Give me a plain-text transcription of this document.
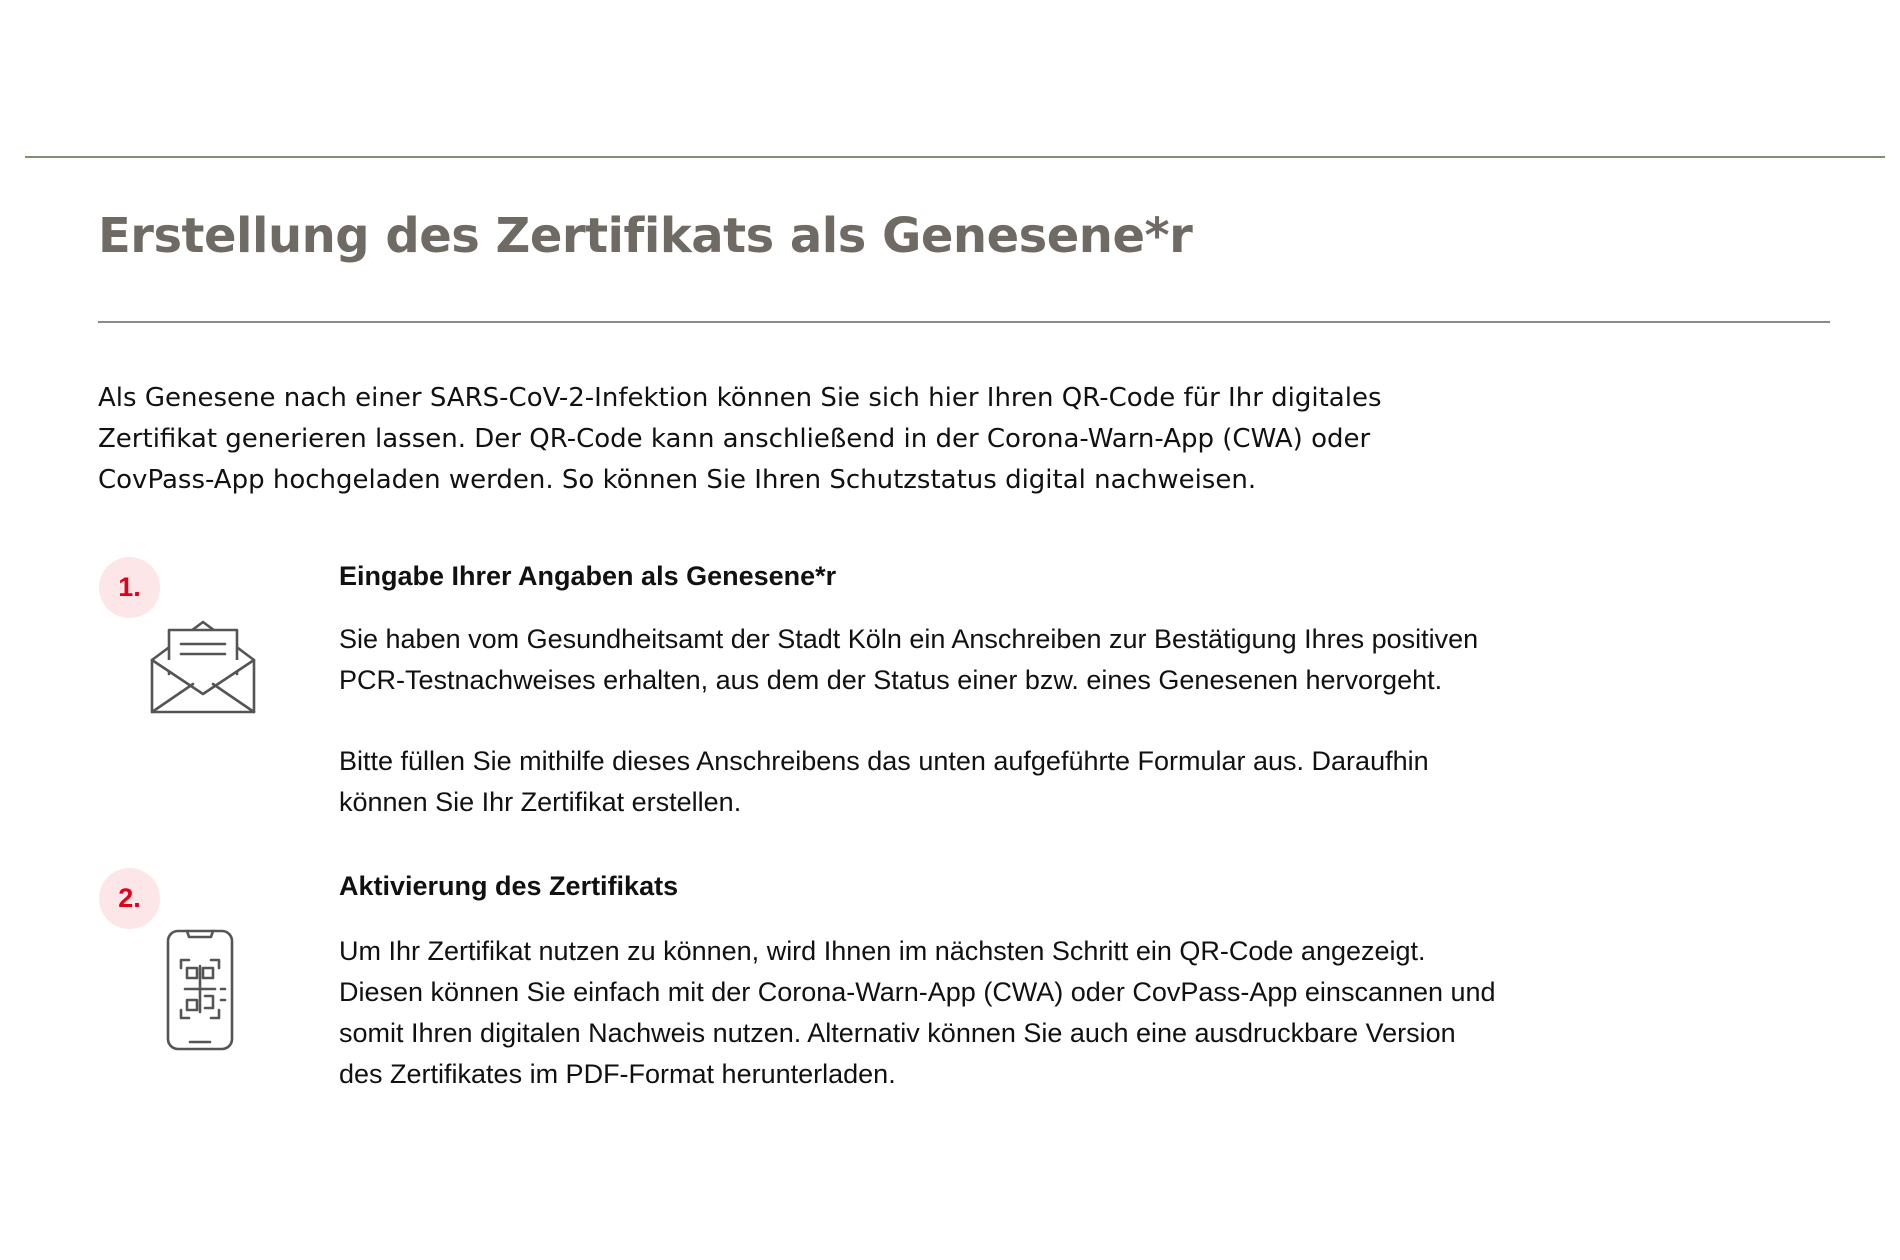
Erstellung des Zertifikats als Genesene*r
Als Genesene nach einer SARS-CoV-2-Infektion können Sie sich hier Ihren QR-Code für Ihr digitales
Zertifikat generieren lassen. Der QR-Code kann anschließend in der Corona-Warn-App (CWA) oder
CovPass-App hochgeladen werden. So können Sie Ihren Schutzstatus digital nachweisen.
1.	Eingabe Ihrer Angaben als Genesene*r

Sie haben vom Gesundheitsamt der Stadt Köln ein Anschreiben zur Bestätigung Ihres positiven
PCR-Testnachweises erhalten, aus dem der Status einer bzw. eines Genesenen hervorgeht.

Bitte füllen Sie mithilfe dieses Anschreibens das unten aufgeführte Formular aus. Daraufhin
können Sie Ihr Zertifikat erstellen.

2.	Aktivierung des Zertifikats

Um Ihr Zertifikat nutzen zu können, wird Ihnen im nächsten Schritt ein QR-Code angezeigt.
Diesen können Sie einfach mit der Corona-Warn-App (CWA) oder CovPass-App einscannen und
somit Ihren digitalen Nachweis nutzen. Alternativ können Sie auch eine ausdruckbare Version
des Zertifikates im PDF-Format herunterladen.
